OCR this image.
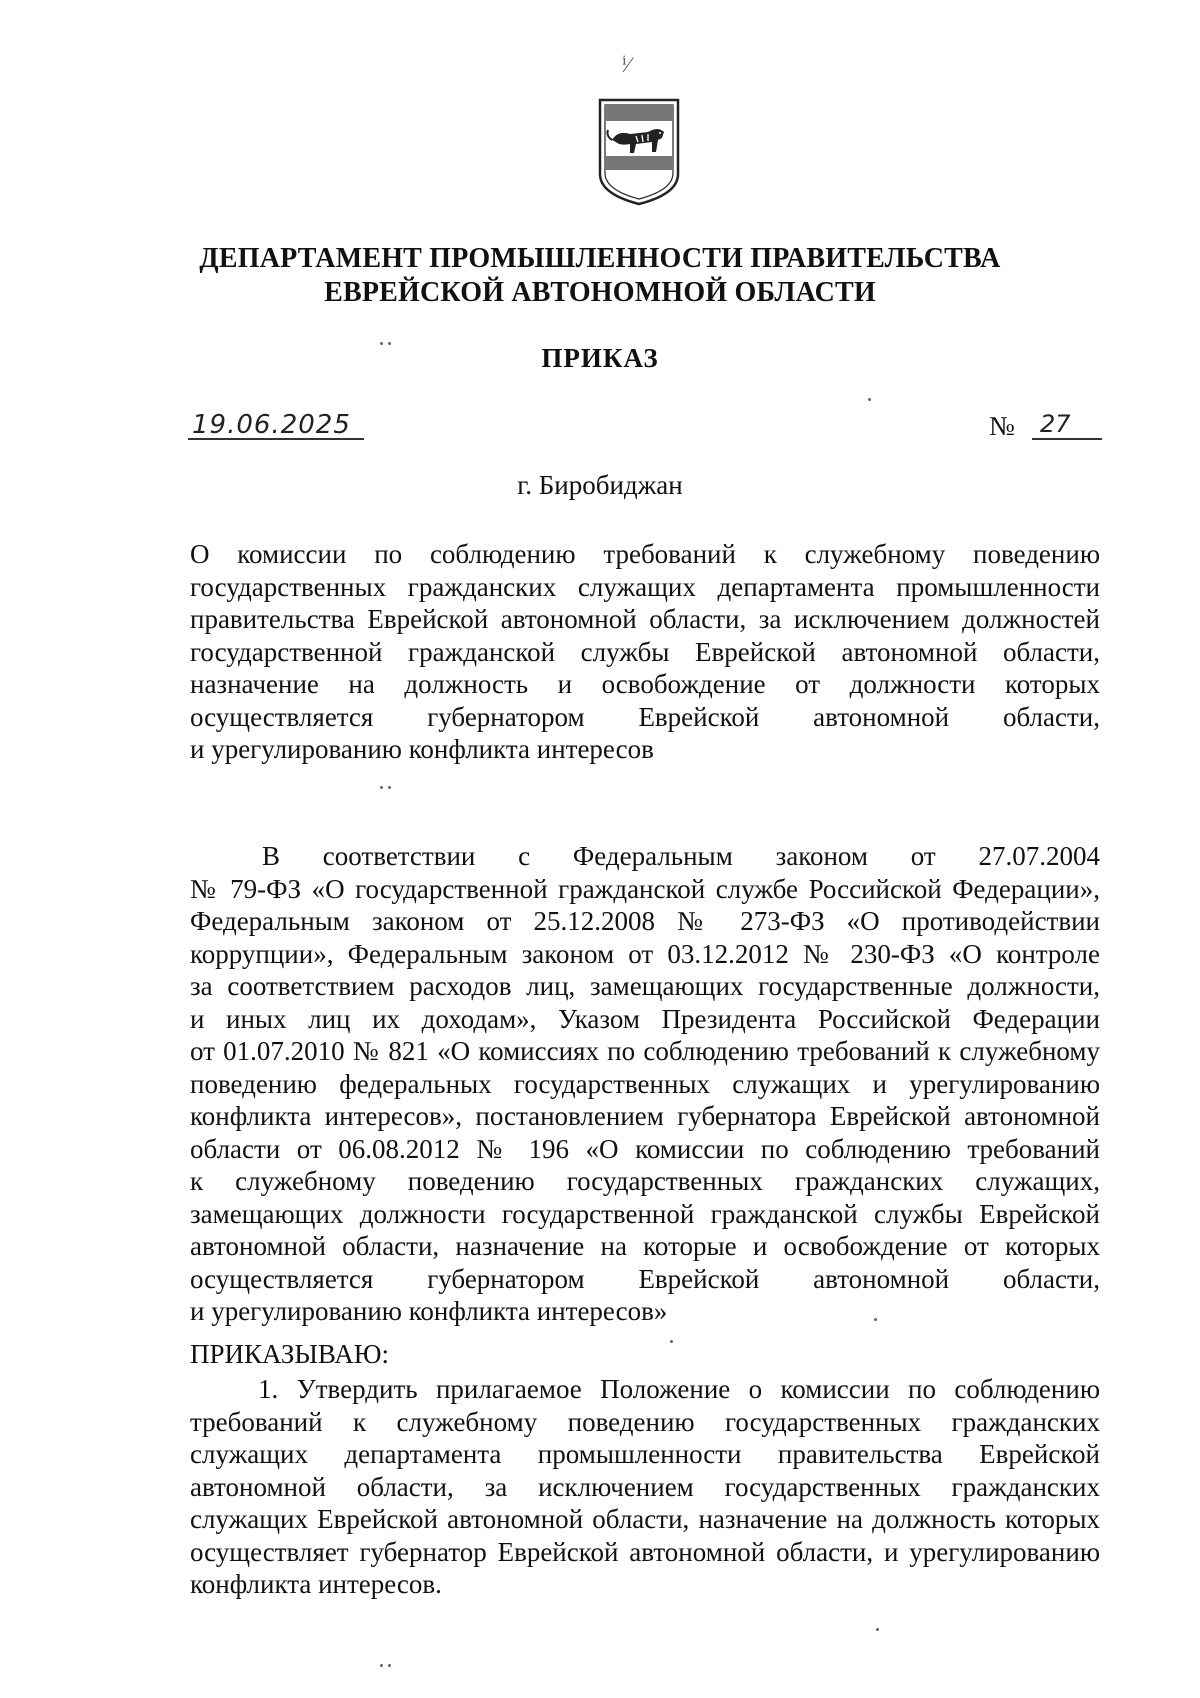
ⁱ⁄
ДЕПАРТАМЕНТ ПРОМЫШЛЕННОСТИ ПРАВИТЕЛЬСТВА
ЕВРЕЙСКОЙ АВТОНОМНОЙ ОБЛАСТИ
ПРИКАЗ
19.06.2025	№	27
г. Биробиджан
О комиссии по соблюдению требований к служебному поведению
государственных гражданских служащих департамента промышленности
правительства Еврейской автономной области, за исключением должностей
государственной гражданской службы Еврейской автономной области,
назначение на должность и освобождение от должности которых
осуществляется губернатором Еврейской автономной области,
и урегулированию конфликта интересов
В соответствии с Федеральным законом от 27.07.2004
№ 79-ФЗ «О государственной гражданской службе Российской Федерации»,
Федеральным законом от 25.12.2008 № 273-ФЗ «О противодействии
коррупции», Федеральным законом от 03.12.2012 № 230-ФЗ «О контроле
за соответствием расходов лиц, замещающих государственные должности,
и иных лиц их доходам», Указом Президента Российской Федерации
от 01.07.2010 № 821 «О комиссиях по соблюдению требований к служебному
поведению федеральных государственных служащих и урегулированию
конфликта интересов», постановлением губернатора Еврейской автономной
области от 06.08.2012 № 196 «О комиссии по соблюдению требований
к служебному поведению государственных гражданских служащих,
замещающих должности государственной гражданской службы Еврейской
автономной области, назначение на которые и освобождение от которых
осуществляется губернатором Еврейской автономной области,
и урегулированию конфликта интересов»
ПРИКАЗЫВАЮ:
1. Утвердить прилагаемое Положение о комиссии по соблюдению
требований к служебному поведению государственных гражданских
служащих департамента промышленности правительства Еврейской
автономной области, за исключением государственных гражданских
служащих Еврейской автономной области, назначение на должность которых
осуществляет губернатор Еврейской автономной области, и урегулированию
конфликта интересов.
